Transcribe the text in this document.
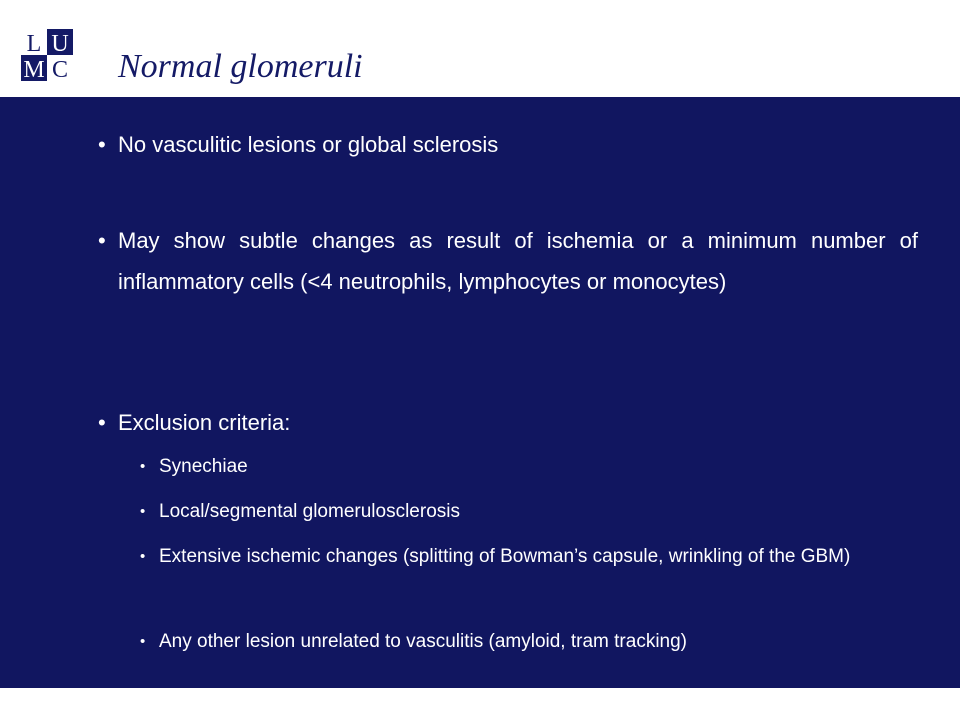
L U
M C Normal glomeruli
• No vasculitic lesions or global sclerosis
• May show subtle changes as result of ischemia or a minimum number of inflammatory cells (<4 neutrophils, lymphocytes or monocytes)
• Exclusion criteria:
• Synechiae
• Local/segmental glomerulosclerosis
• Extensive ischemic changes (splitting of Bowman’s capsule, wrinkling of the GBM)
• Any other lesion unrelated to vasculitis (amyloid, tram tracking)
